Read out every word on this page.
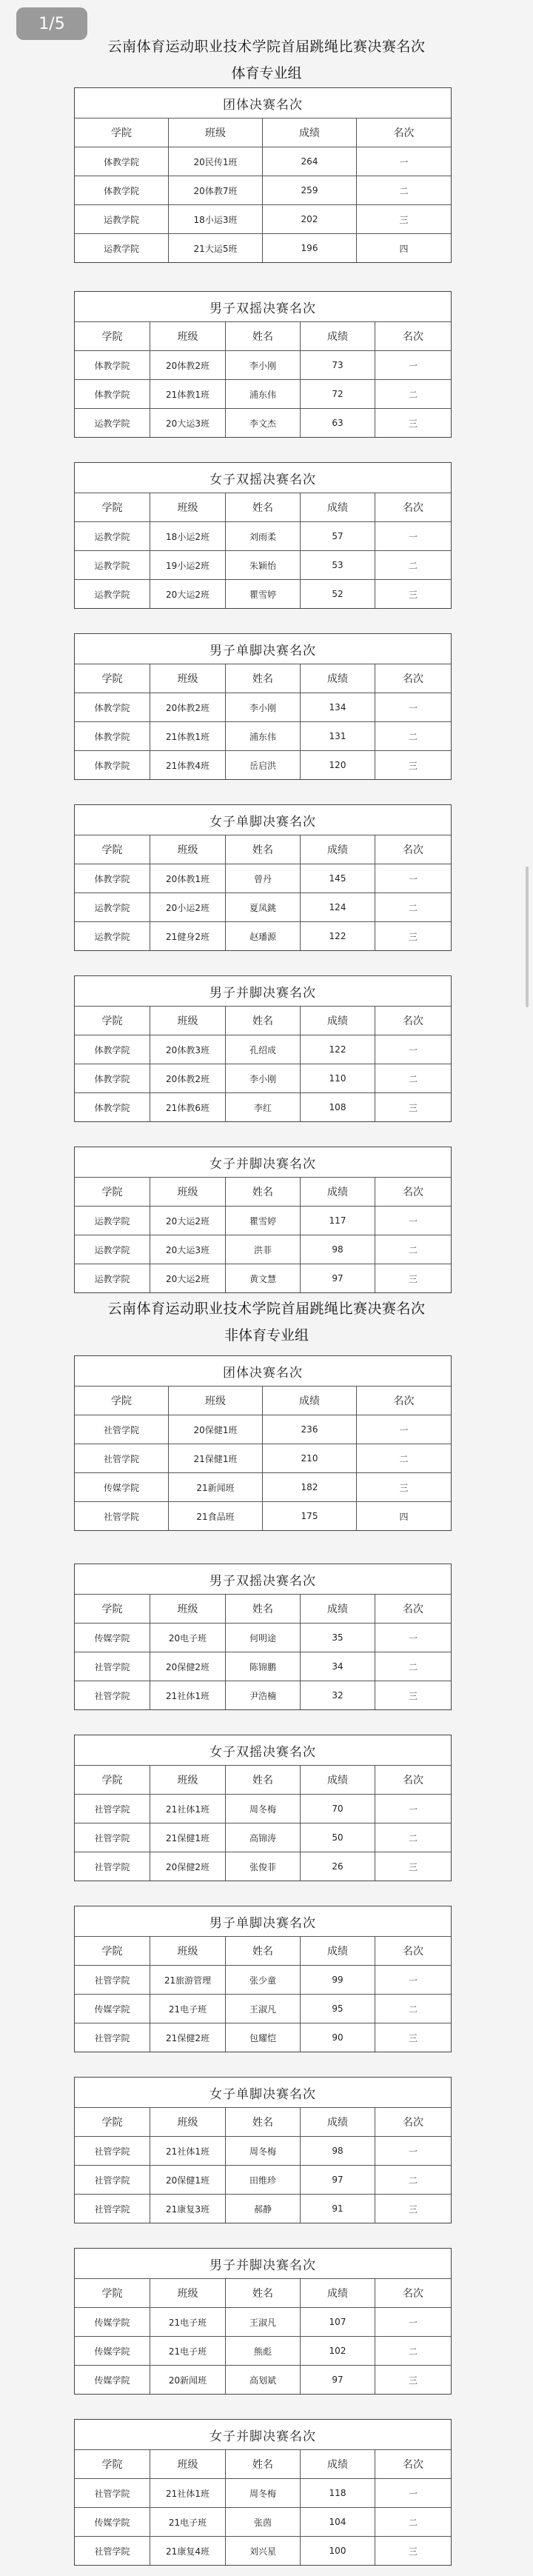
1/5
云南体育运动职业技术学院首届跳绳比赛决赛名次
体育专业组
云南体育运动职业技术学院首届跳绳比赛决赛名次
非体育专业组
团体决赛名次
学院	班级	成绩	名次
体教学院	20民传1班	264	一
体教学院	20体教7班	259	二
运教学院	18小运3班	202	三
运教学院	21大运5班	196	四
男子双摇决赛名次
学院	班级	姓名	成绩	名次
体教学院	20体教2班	李小刚	73	一
体教学院	21体教1班	浦东伟	72	二
运教学院	20大运3班	李文杰	63	三
女子双摇决赛名次
学院	班级	姓名	成绩	名次
运教学院	18小运2班	刘雨柔	57	一
运教学院	19小运2班	朱颖怡	53	二
运教学院	20大运2班	瞿雪婷	52	三
男子单脚决赛名次
学院	班级	姓名	成绩	名次
体教学院	20体教2班	李小刚	134	一
体教学院	21体教1班	浦东伟	131	二
体教学院	21体教4班	岳启洪	120	三
女子单脚决赛名次
学院	班级	姓名	成绩	名次
体教学院	20体教1班	曾丹	145	一
运教学院	20小运2班	夏凤銚	124	二
运教学院	21健身2班	赵璠源	122	三
男子并脚决赛名次
学院	班级	姓名	成绩	名次
体教学院	20体教3班	孔绍成	122	一
体教学院	20体教2班	李小刚	110	二
体教学院	21体教6班	李红	108	三
女子并脚决赛名次
学院	班级	姓名	成绩	名次
运教学院	20大运2班	瞿雪婷	117	一
运教学院	20大运3班	洪菲	98	二
运教学院	20大运2班	黄文慧	97	三
团体决赛名次
学院	班级	成绩	名次
社管学院	20保健1班	236	一
社管学院	21保健1班	210	二
传媒学院	21新闻班	182	三
社管学院	21食品班	175	四
男子双摇决赛名次
学院	班级	姓名	成绩	名次
传媒学院	20电子班	何明途	35	一
社管学院	20保健2班	陈锦鹏	34	二
社管学院	21社体1班	尹浩楠	32	三
女子双摇决赛名次
学院	班级	姓名	成绩	名次
社管学院	21社体1班	周冬梅	70	一
社管学院	21保健1班	高锦涛	50	二
社管学院	20保健2班	张俊菲	26	三
男子单脚决赛名次
学院	班级	姓名	成绩	名次
社管学院	21旅游管理	张少童	99	一
传媒学院	21电子班	王淑凡	95	二
社管学院	21保健2班	包耀恺	90	三
女子单脚决赛名次
学院	班级	姓名	成绩	名次
社管学院	21社体1班	周冬梅	98	一
社管学院	20保健1班	田维珍	97	二
社管学院	21康复3班	郝静	91	三
男子并脚决赛名次
学院	班级	姓名	成绩	名次
传媒学院	21电子班	王淑凡	107	一
传媒学院	21电子班	熊彪	102	二
传媒学院	20新闻班	高划斌	97	三
女子并脚决赛名次
学院	班级	姓名	成绩	名次
社管学院	21社体1班	周冬梅	118	一
传媒学院	21电子班	张茵	104	二
社管学院	21康复4班	刘兴星	100	三
